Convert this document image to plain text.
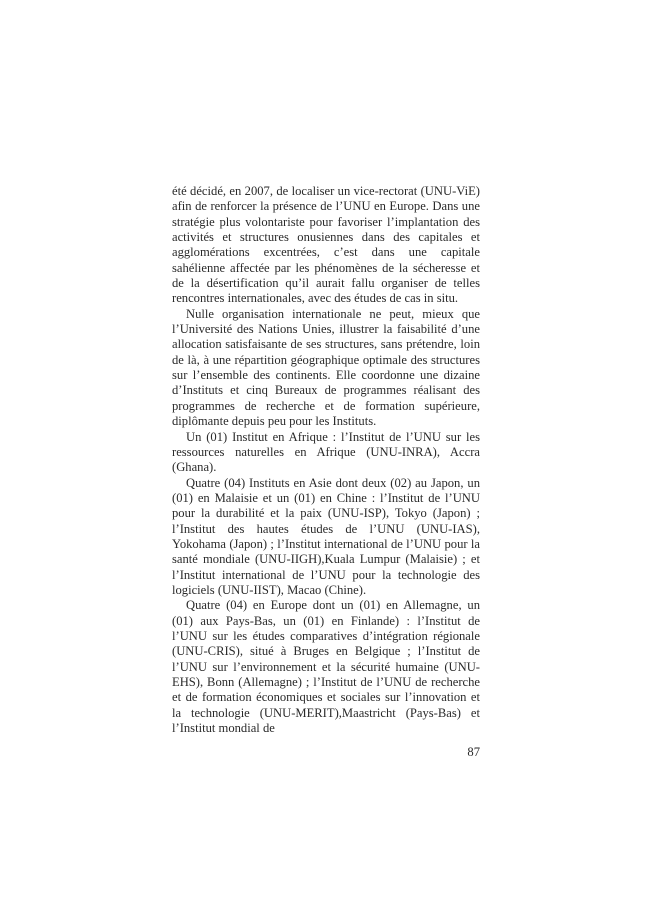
été décidé, en 2007, de localiser un vice-rectorat (UNU-ViE) afin de renforcer la présence de l’UNU en Europe. Dans une stratégie plus volontariste pour favoriser l’implantation des activités et structures onusiennes dans des capitales et agglomérations excentrées, c’est dans une capitale sahélienne affectée par les phénomènes de la sécheresse et de la désertification qu’il aurait fallu organiser de telles rencontres internationales, avec des études de cas in situ.

Nulle organisation internationale ne peut, mieux que l’Université des Nations Unies, illustrer la faisabilité d’une allocation satisfaisante de ses structures, sans prétendre, loin de là, à une répartition géographique optimale des structures sur l’ensemble des continents. Elle coordonne une dizaine d’Instituts et cinq Bureaux de programmes réalisant des programmes de recherche et de formation supérieure, diplômante depuis peu pour les Instituts.

Un (01) Institut en Afrique : l’Institut de l’UNU sur les ressources naturelles en Afrique (UNU-INRA), Accra (Ghana).

Quatre (04) Instituts en Asie dont deux (02) au Japon, un (01) en Malaisie et un (01) en Chine : l’Institut de l’UNU pour la durabilité et la paix (UNU-ISP), Tokyo (Japon) ; l’Institut des hautes études de l’UNU (UNU-IAS), Yokohama (Japon) ; l’Institut international de l’UNU pour la santé mondiale (UNU-IIGH),Kuala Lumpur (Malaisie) ; et l’Institut international de l’UNU pour la technologie des logiciels (UNU-IIST), Macao (Chine).

Quatre (04) en Europe dont un (01) en Allemagne, un (01) aux Pays-Bas, un (01) en Finlande) : l’Institut de l’UNU sur les études comparatives d’intégration régionale (UNU-CRIS), situé à Bruges en Belgique ; l’Institut de l’UNU sur l’environnement et la sécurité humaine (UNU-EHS), Bonn (Allemagne) ; l’Institut de l’UNU de recherche et de formation économiques et sociales sur l’innovation et la technologie (UNU-MERIT),Maastricht (Pays-Bas) et l’Institut mondial de

87
